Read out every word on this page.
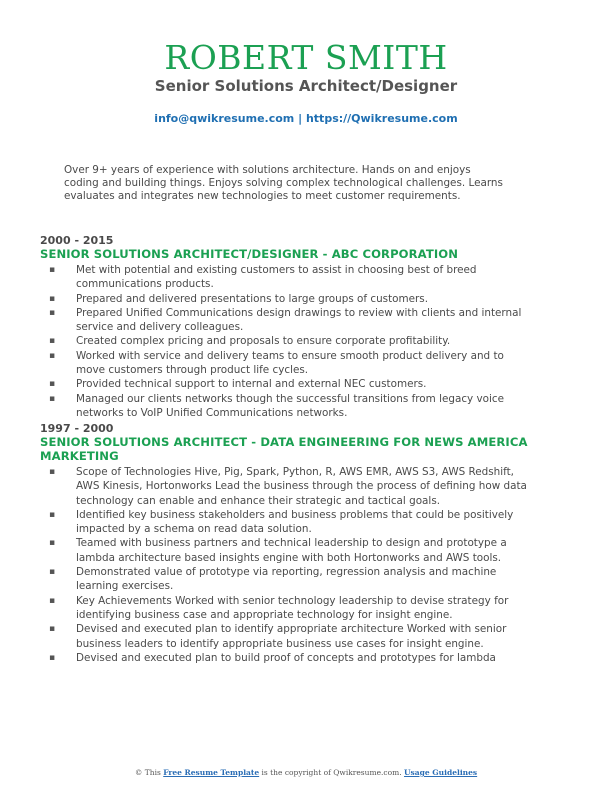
ROBERT SMITH
Senior Solutions Architect/Designer
info@qwikresume.com | https://Qwikresume.com
Over 9+ years of experience with solutions architecture. Hands on and enjoys coding and building things. Enjoys solving complex technological challenges. Learns evaluates and integrates new technologies to meet customer requirements.
2000 - 2015
SENIOR SOLUTIONS ARCHITECT/DESIGNER - ABC CORPORATION
▪ Met with potential and existing customers to assist in choosing best of breed communications products.
▪ Prepared and delivered presentations to large groups of customers.
▪ Prepared Unified Communications design drawings to review with clients and internal service and delivery colleagues.
▪ Created complex pricing and proposals to ensure corporate profitability.
▪ Worked with service and delivery teams to ensure smooth product delivery and to move customers through product life cycles.
▪ Provided technical support to internal and external NEC customers.
▪ Managed our clients networks though the successful transitions from legacy voice networks to VoIP Unified Communications networks.
1997 - 2000
SENIOR SOLUTIONS ARCHITECT - DATA ENGINEERING FOR NEWS AMERICA MARKETING
▪ Scope of Technologies Hive, Pig, Spark, Python, R, AWS EMR, AWS S3, AWS Redshift, AWS Kinesis, Hortonworks Lead the business through the process of defining how data technology can enable and enhance their strategic and tactical goals.
▪ Identified key business stakeholders and business problems that could be positively impacted by a schema on read data solution.
▪ Teamed with business partners and technical leadership to design and prototype a lambda architecture based insights engine with both Hortonworks and AWS tools.
▪ Demonstrated value of prototype via reporting, regression analysis and machine learning exercises.
▪ Key Achievements Worked with senior technology leadership to devise strategy for identifying business case and appropriate technology for insight engine.
▪ Devised and executed plan to identify appropriate architecture Worked with senior business leaders to identify appropriate business use cases for insight engine.
▪ Devised and executed plan to build proof of concepts and prototypes for lambda
© This Free Resume Template is the copyright of Qwikresume.com. Usage Guidelines
